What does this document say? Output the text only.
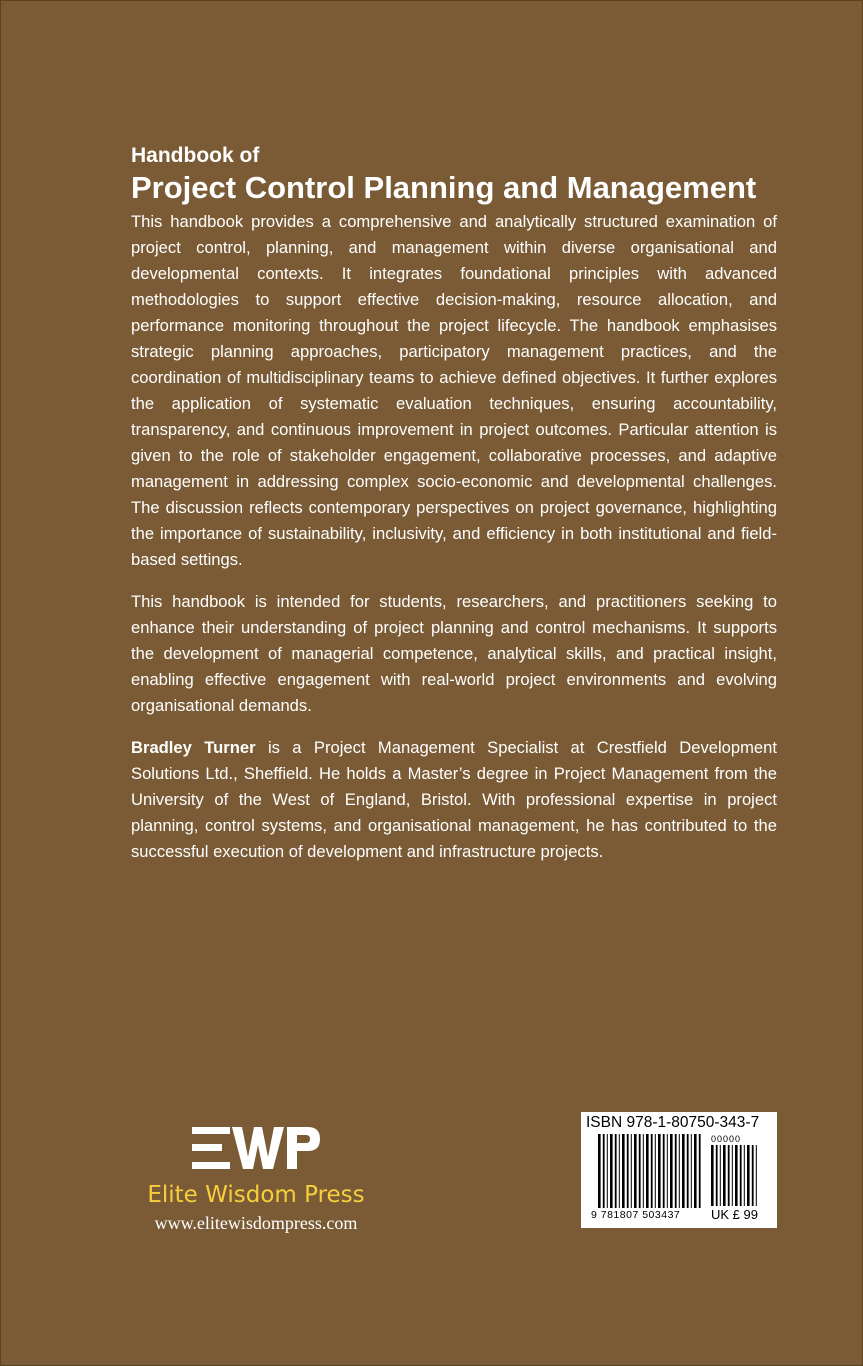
Handbook of

Project Control Planning and Management

This handbook provides a comprehensive and analytically structured examination of project control, planning, and management within diverse organisational and developmental contexts. It integrates foundational principles with advanced methodologies to support effective decision-making, resource allocation, and performance monitoring throughout the project lifecycle. The handbook emphasises strategic planning approaches, participatory management practices, and the coordination of multidisciplinary teams to achieve defined objectives. It further explores the application of systematic evaluation techniques, ensuring accountability, transparency, and continuous improvement in project outcomes. Particular attention is given to the role of stakeholder engagement, collaborative processes, and adaptive management in addressing complex socio-economic and developmental challenges. The discussion reflects contemporary perspectives on project governance, highlighting the importance of sustainability, inclusivity, and efficiency in both institutional and field-based settings.

This handbook is intended for students, researchers, and practitioners seeking to enhance their understanding of project planning and control mechanisms. It supports the development of managerial competence, analytical skills, and practical insight, enabling effective engagement with real-world project environments and evolving organisational demands.

Bradley Turner is a Project Management Specialist at Crestfield Development Solutions Ltd., Sheffield. He holds a Master’s degree in Project Management from the University of the West of England, Bristol. With professional expertise in project planning, control systems, and organisational management, he has contributed to the successful execution of development and infrastructure projects.

Elite Wisdom Press
www.elitewisdompress.com
ISBN 978-1-80750-343-7
00000
9 781807 503437 UK £ 99
